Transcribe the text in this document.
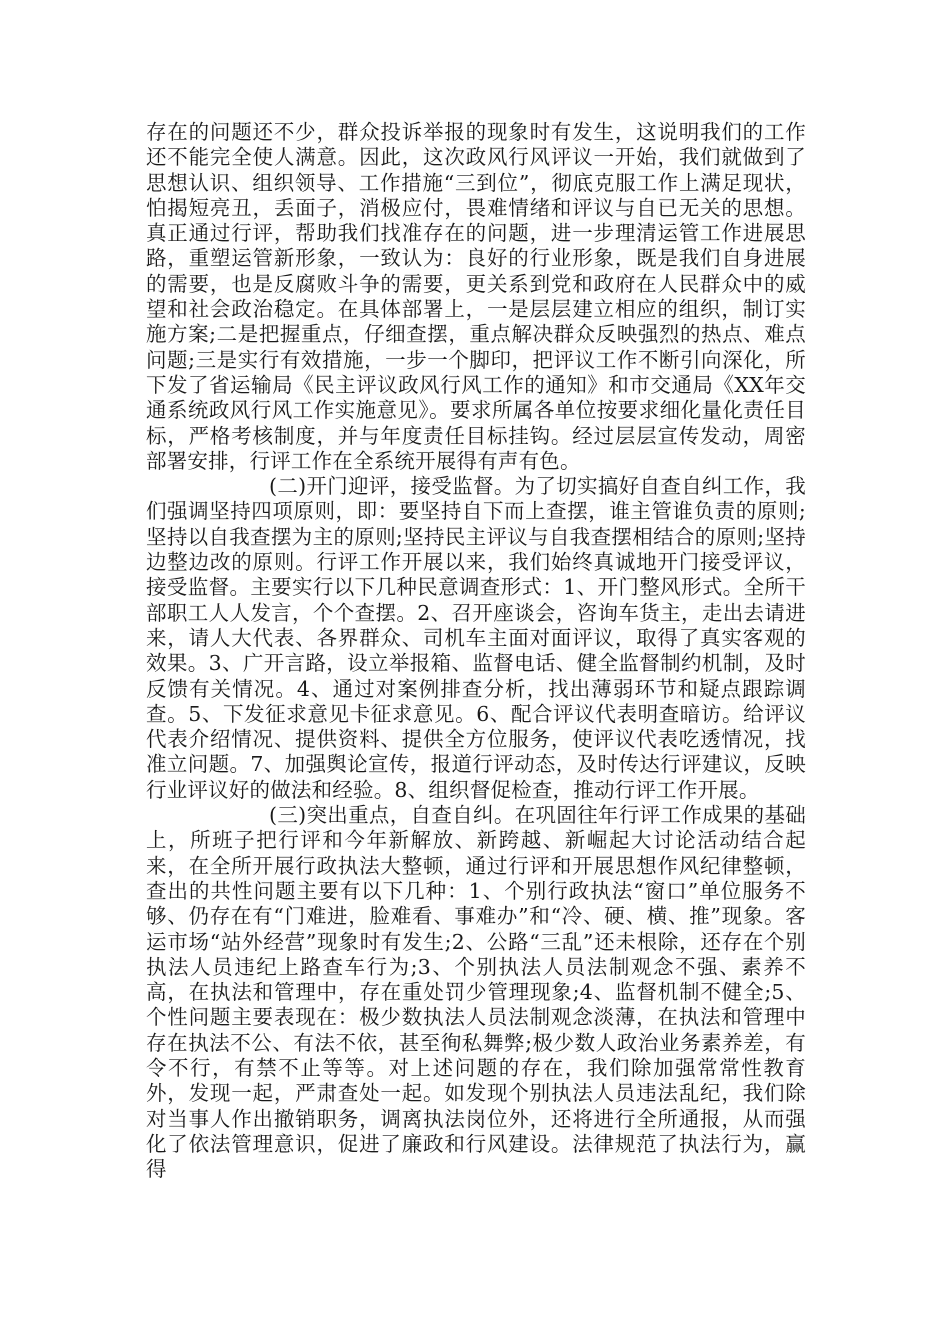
存在的问题还不少，群众投诉举报的现象时有发生，这说明我们的工作还不能完全使人满意。因此，这次政风行风评议一开始，我们就做到了思想认识、组织领导、工作措施“三到位”，彻底克服工作上满足现状，怕揭短亮丑，丢面子，消极应付，畏难情绪和评议与自已无关的思想。真正通过行评，帮助我们找准存在的问题，进一步理清运管工作进展思路，重塑运管新形象，一致认为：良好的行业形象，既是我们自身进展的需要，也是反腐败斗争的需要，更关系到党和政府在人民群众中的威望和社会政治稳定。在具体部署上，一是层层建立相应的组织，制订实施方案;二是把握重点，仔细查摆，重点解决群众反映强烈的热点、难点问题;三是实行有效措施，一步一个脚印，把评议工作不断引向深化，所下发了省运输局《民主评议政风行风工作的通知》和市交通局《XX年交通系统政风行风工作实施意见》。要求所属各单位按要求细化量化责任目标，严格考核制度，并与年度责任目标挂钩。经过层层宣传发动，周密部署安排，行评工作在全系统开展得有声有色。

(二)开门迎评，接受监督。为了切实搞好自查自纠工作，我们强调坚持四项原则，即：要坚持自下而上查摆，谁主管谁负责的原则;坚持以自我查摆为主的原则;坚持民主评议与自我查摆相结合的原则;坚持边整边改的原则。行评工作开展以来，我们始终真诚地开门接受评议，接受监督。主要实行以下几种民意调查形式：1、开门整风形式。全所干部职工人人发言，个个查摆。2、召开座谈会，咨询车货主，走出去请进来，请人大代表、各界群众、司机车主面对面评议，取得了真实客观的效果。3、广开言路，设立举报箱、监督电话、健全监督制约机制，及时反馈有关情况。4、通过对案例排查分析，找出薄弱环节和疑点跟踪调查。5、下发征求意见卡征求意见。6、配合评议代表明查暗访。给评议代表介绍情况、提供资料、提供全方位服务，使评议代表吃透情况，找准立问题。7、加强舆论宣传，报道行评动态，及时传达行评建议，反映行业评议好的做法和经验。8、组织督促检查，推动行评工作开展。

(三)突出重点，自查自纠。在巩固往年行评工作成果的基础上，所班子把行评和今年新解放、新跨越、新崛起大讨论活动结合起来，在全所开展行政执法大整顿，通过行评和开展思想作风纪律整顿，查出的共性问题主要有以下几种：1、个别行政执法“窗口”单位服务不够、仍存在有“门难进，脸难看、事难办”和“冷、硬、横、推”现象。客运市场“站外经营”现象时有发生;2、公路“三乱”还未根除，还存在个别执法人员违纪上路查车行为;3、个别执法人员法制观念不强、素养不高，在执法和管理中，存在重处罚少管理现象;4、监督机制不健全;5、个性问题主要表现在：极少数执法人员法制观念淡薄，在执法和管理中存在执法不公、有法不依，甚至徇私舞弊;极少数人政治业务素养差，有令不行，有禁不止等等。对上述问题的存在，我们除加强常常性教育外，发现一起，严肃查处一起。如发现个别执法人员违法乱纪，我们除对当事人作出撤销职务，调离执法岗位外，还将进行全所通报，从而强化了依法管理意识，促进了廉政和行风建设。法律规范了执法行为，赢得
